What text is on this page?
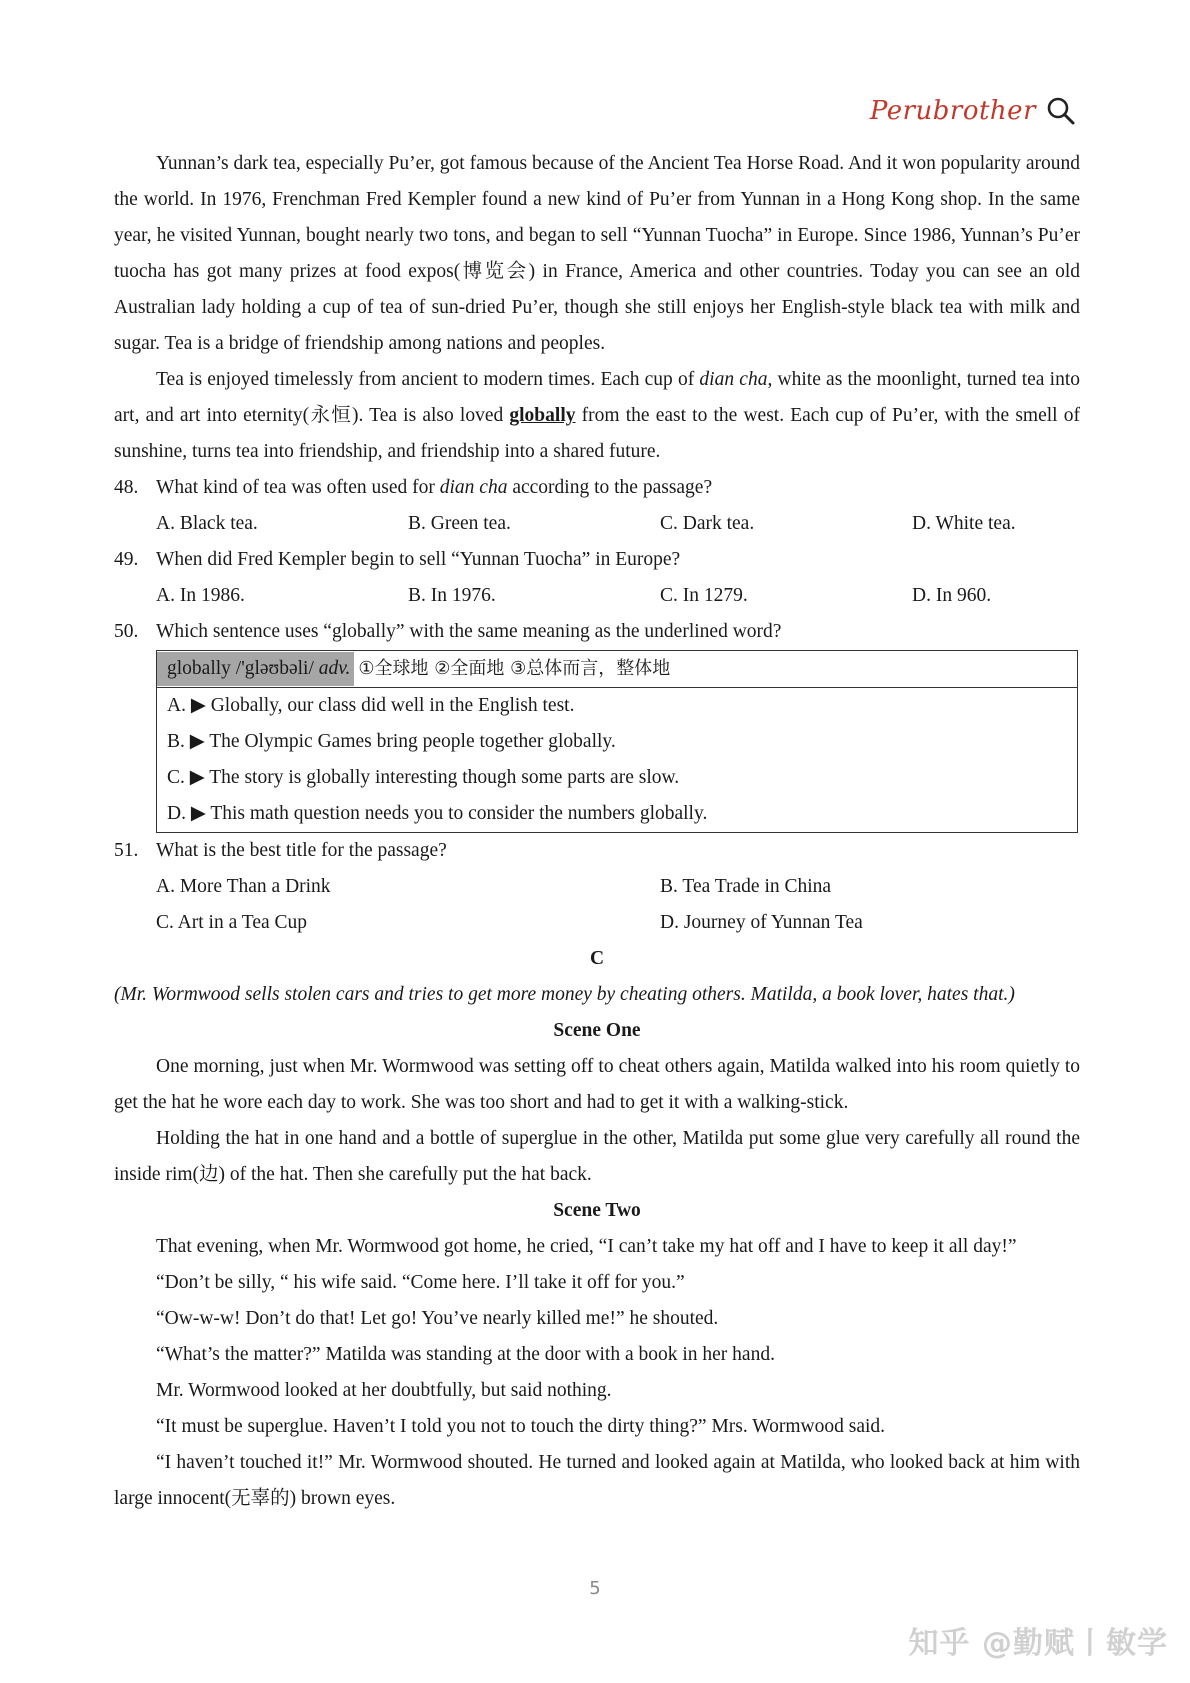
Perubrother

Yunnan’s dark tea, especially Pu’er, got famous because of the Ancient Tea Horse Road. And it won popularity around the world. In 1976, Frenchman Fred Kempler found a new kind of Pu’er from Yunnan in a Hong Kong shop. In the same year, he visited Yunnan, bought nearly two tons, and began to sell “Yunnan Tuocha” in Europe. Since 1986, Yunnan’s Pu’er tuocha has got many prizes at food expos(博览会) in France, America and other countries. Today you can see an old Australian lady holding a cup of tea of sun-dried Pu’er, though she still enjoys her English-style black tea with milk and sugar. Tea is a bridge of friendship among nations and peoples.

Tea is enjoyed timelessly from ancient to modern times. Each cup of dian cha, white as the moonlight, turned tea into art, and art into eternity(永恒). Tea is also loved globally from the east to the west. Each cup of Pu’er, with the smell of sunshine, turns tea into friendship, and friendship into a shared future.

48. What kind of tea was often used for dian cha according to the passage?
A. Black tea.	B. Green tea.	C. Dark tea.	D. White tea.
49. When did Fred Kempler begin to sell “Yunnan Tuocha” in Europe?
A. In 1986.	B. In 1976.	C. In 1279.	D. In 960.
50. Which sentence uses “globally” with the same meaning as the underlined word?
globally /'gləʊbəli/ adv. ①全球地 ②全面地 ③总体而言，整体地
A. ▶ Globally, our class did well in the English test.
B. ▶ The Olympic Games bring people together globally.
C. ▶ The story is globally interesting though some parts are slow.
D. ▶ This math question needs you to consider the numbers globally.
51. What is the best title for the passage?
A. More Than a Drink	B. Tea Trade in China
C. Art in a Tea Cup	D. Journey of Yunnan Tea

C

(Mr. Wormwood sells stolen cars and tries to get more money by cheating others. Matilda, a book lover, hates that.)

Scene One

One morning, just when Mr. Wormwood was setting off to cheat others again, Matilda walked into his room quietly to get the hat he wore each day to work. She was too short and had to get it with a walking-stick.

Holding the hat in one hand and a bottle of superglue in the other, Matilda put some glue very carefully all round the inside rim(边) of the hat. Then she carefully put the hat back.

Scene Two

That evening, when Mr. Wormwood got home, he cried, “I can’t take my hat off and I have to keep it all day!”

“Don’t be silly, “ his wife said. “Come here. I’ll take it off for you.”

“Ow-w-w! Don’t do that! Let go! You’ve nearly killed me!” he shouted.

“What’s the matter?” Matilda was standing at the door with a book in her hand.

Mr. Wormwood looked at her doubtfully, but said nothing.

“It must be superglue. Haven’t I told you not to touch the dirty thing?” Mrs. Wormwood said.

“I haven’t touched it!” Mr. Wormwood shouted. He turned and looked again at Matilda, who looked back at him with large innocent(无辜的) brown eyes.

5
知乎 @勤赋丨敏学
